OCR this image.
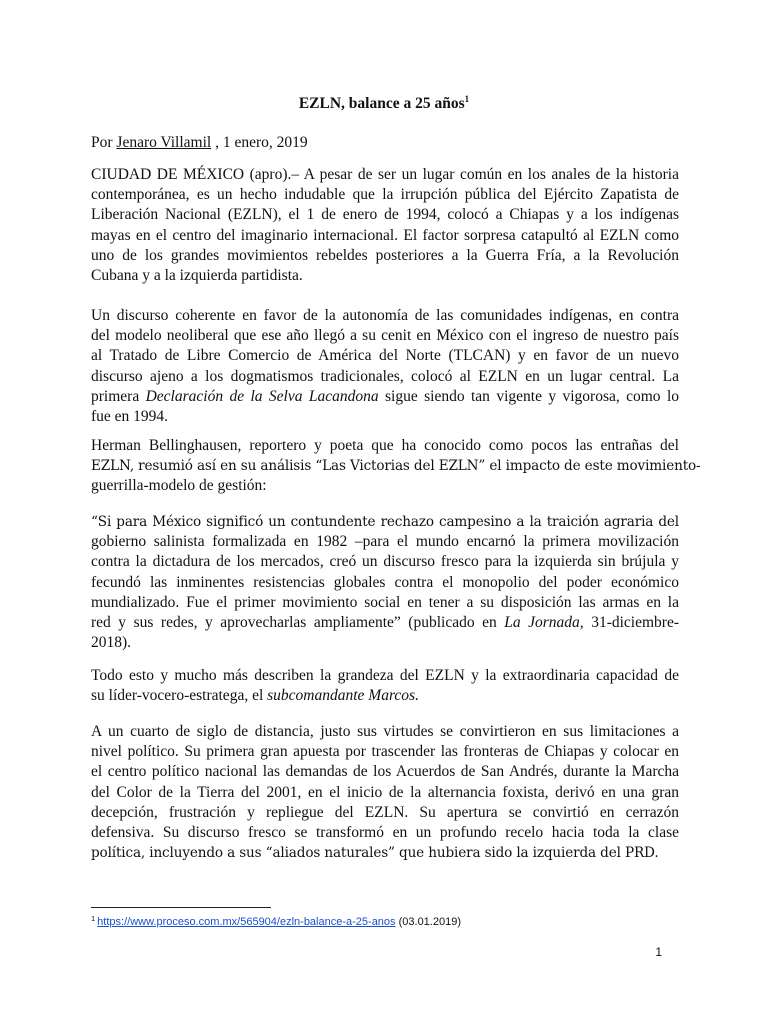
EZLN, balance a 25 años$^1$
Por Jenaro Villamil , 1 enero, 2019
CIUDAD DE MÉXICO (apro).– A pesar de ser un lugar común en los anales de la historia
contemporánea, es un hecho indudable que la irrupción pública del Ejército Zapatista de
Liberación Nacional (EZLN), el 1 de enero de 1994, colocó a Chiapas y a los indígenas
mayas en el centro del imaginario internacional. El factor sorpresa catapultó al EZLN como
uno de los grandes movimientos rebeldes posteriores a la Guerra Fría, a la Revolución
Cubana y a la izquierda partidista.
Un discurso coherente en favor de la autonomía de las comunidades indígenas, en contra
del modelo neoliberal que ese año llegó a su cenit en México con el ingreso de nuestro país
al Tratado de Libre Comercio de América del Norte (TLCAN) y en favor de un nuevo
discurso ajeno a los dogmatismos tradicionales, colocó al EZLN en un lugar central. La
primera Declaración de la Selva Lacandona sigue siendo tan vigente y vigorosa, como lo
fue en 1994.
Herman Bellinghausen, reportero y poeta que ha conocido como pocos las entrañas del
EZLN, resumió así en su análisis “Las Victorias del EZLN” el impacto de este movimiento-
guerrilla-modelo de gestión:
“Si para México significó un contundente rechazo campesino a la traición agraria del
gobierno salinista formalizada en 1982 –para el mundo encarnó la primera movilización
contra la dictadura de los mercados, creó un discurso fresco para la izquierda sin brújula y
fecundó las inminentes resistencias globales contra el monopolio del poder económico
mundializado. Fue el primer movimiento social en tener a su disposición las armas en la
red y sus redes, y aprovecharlas ampliamente” (publicado en La Jornada, 31-diciembre-
2018).
Todo esto y mucho más describen la grandeza del EZLN y la extraordinaria capacidad de
su líder-vocero-estratega, el subcomandante Marcos.
A un cuarto de siglo de distancia, justo sus virtudes se convirtieron en sus limitaciones a
nivel político. Su primera gran apuesta por trascender las fronteras de Chiapas y colocar en
el centro político nacional las demandas de los Acuerdos de San Andrés, durante la Marcha
del Color de la Tierra del 2001, en el inicio de la alternancia foxista, derivó en una gran
decepción, frustración y repliegue del EZLN. Su apertura se convirtió en cerrazón
defensiva. Su discurso fresco se transformó en un profundo recelo hacia toda la clase
política, incluyendo a sus “aliados naturales” que hubiera sido la izquierda del PRD.
$^1$ https://www.proceso.com.mx/565904/ezln-balance-a-25-anos (03.01.2019)
1
